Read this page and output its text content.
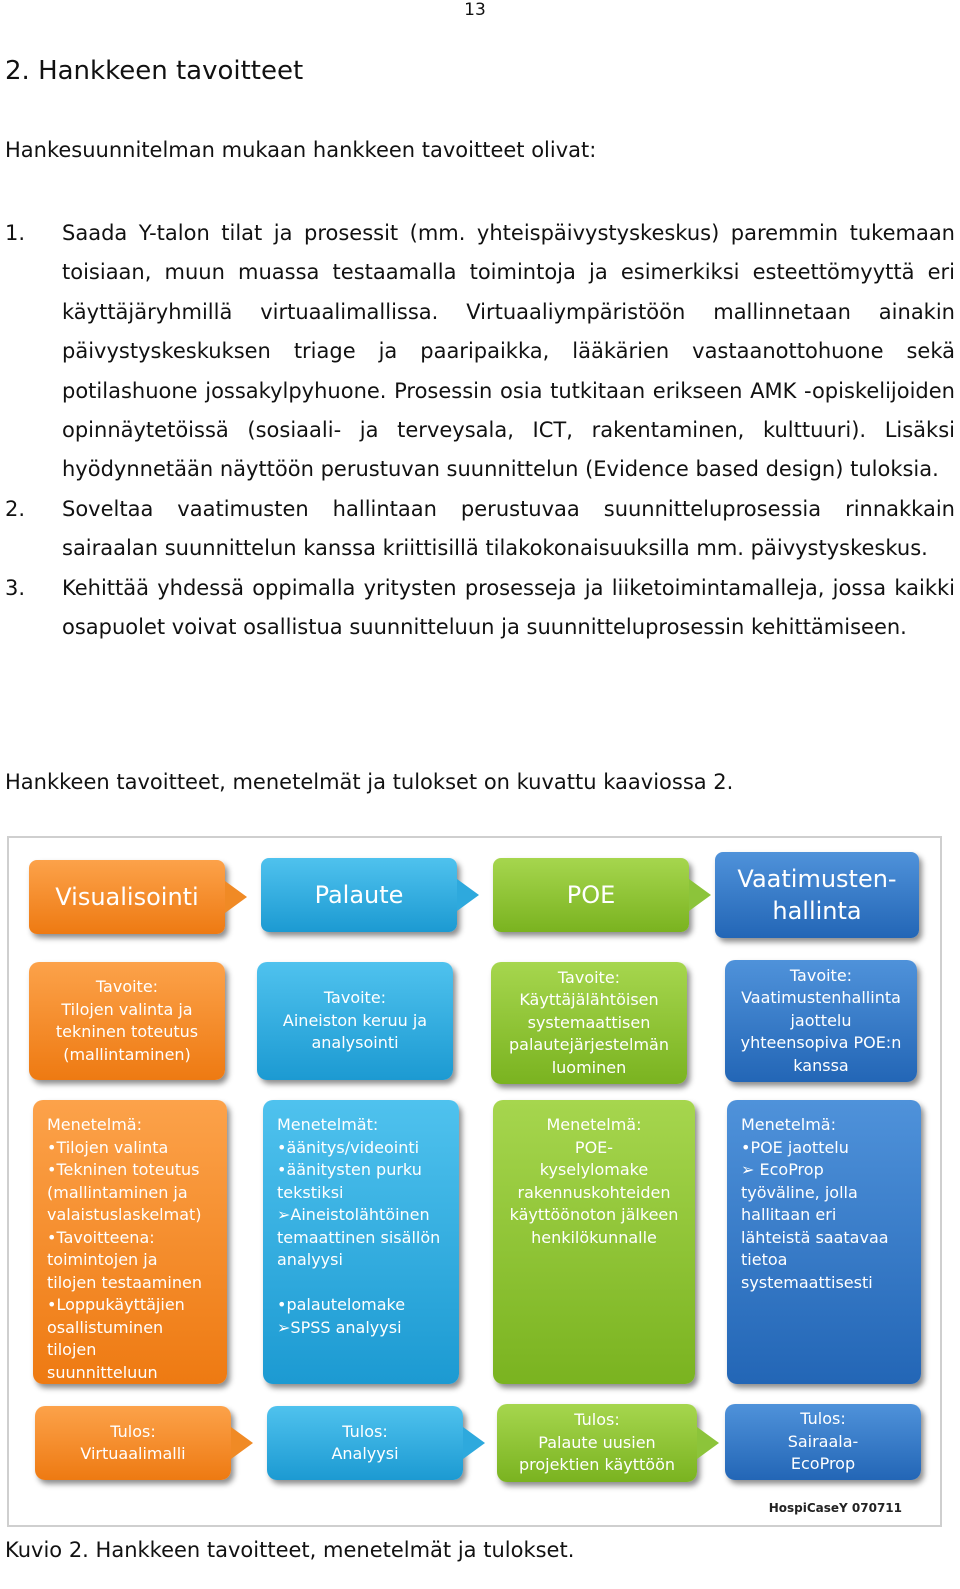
13
2. Hankkeen tavoitteet
Hankesuunnitelman mukaan hankkeen tavoitteet olivat:
1.	Saada Y-talon tilat ja prosessit (mm. yhteispäivystyskeskus) paremmin tukemaan toisiaan, muun muassa testaamalla toimintoja ja esimerkiksi esteettömyyttä eri käyttäjäryhmillä virtuaalimallissa. Virtuaaliympäristöön mallinnetaan ainakin päivystyskeskuksen triage ja paaripaikka, lääkärien vastaanottohuone sekä potilashuone jossakylpyhuone. Prosessin osia tutkitaan erikseen AMK -opiskelijoiden opinnäytetöissä (sosiaali- ja terveysala, ICT, rakentaminen, kulttuuri). Lisäksi hyödynnetään näyttöön perustuvan suunnittelun (Evidence based design) tuloksia.
2.	Soveltaa vaatimusten hallintaan perustuvaa suunnitteluprosessia rinnakkain sairaalan suunnittelun kanssa kriittisillä tilakokonaisuuksilla mm. päivystyskeskus.
3.	Kehittää yhdessä oppimalla yritysten prosesseja ja liiketoimintamalleja, jossa kaikki osapuolet voivat osallistua suunnitteluun ja suunnitteluprosessin kehittämiseen.
Hankkeen tavoitteet, menetelmät ja tulokset on kuvattu kaaviossa 2.
Visualisointi	Palaute	POE
Vaatimusten-
hallinta
Tavoite:
Tilojen valinta ja
tekninen toteutus
(mallintaminen)
Tavoite:
Aineiston keruu ja
analysointi
Tavoite:
Käyttäjälähtöisen
systemaattisen
palautejärjestelmän
luominen
Tavoite:
Vaatimustenhallinta
jaottelu
yhteensopiva POE:n
kanssa
Menetelmä:
•Tilojen valinta
•Tekninen toteutus
(mallintaminen ja
valaistuslaskelmat)
•Tavoitteena:
toimintojen ja
tilojen testaaminen
•Loppukäyttäjien
osallistuminen
tilojen
suunnitteluun
Menetelmät:
•äänitys/videointi
•äänitysten purku
tekstiksi
➢Aineistolähtöinen
temaattinen sisällön
analyysi

•palautelomake
➢SPSS analyysi
Menetelmä:
POE-
kyselylomake
rakennuskohteiden
käyttöönoton jälkeen
henkilökunnalle
Menetelmä:
•POE jaottelu
➢ EcoProp
työväline, jolla
hallitaan eri
lähteistä saatavaa
tietoa
systemaattisesti
Tulos:
Virtuaalimalli
Tulos:
Analyysi
Tulos:
Palaute uusien
projektien käyttöön
Tulos:
Sairaala-
EcoProp
HospiCaseY 070711
Kuvio 2. Hankkeen tavoitteet, menetelmät ja tulokset.
